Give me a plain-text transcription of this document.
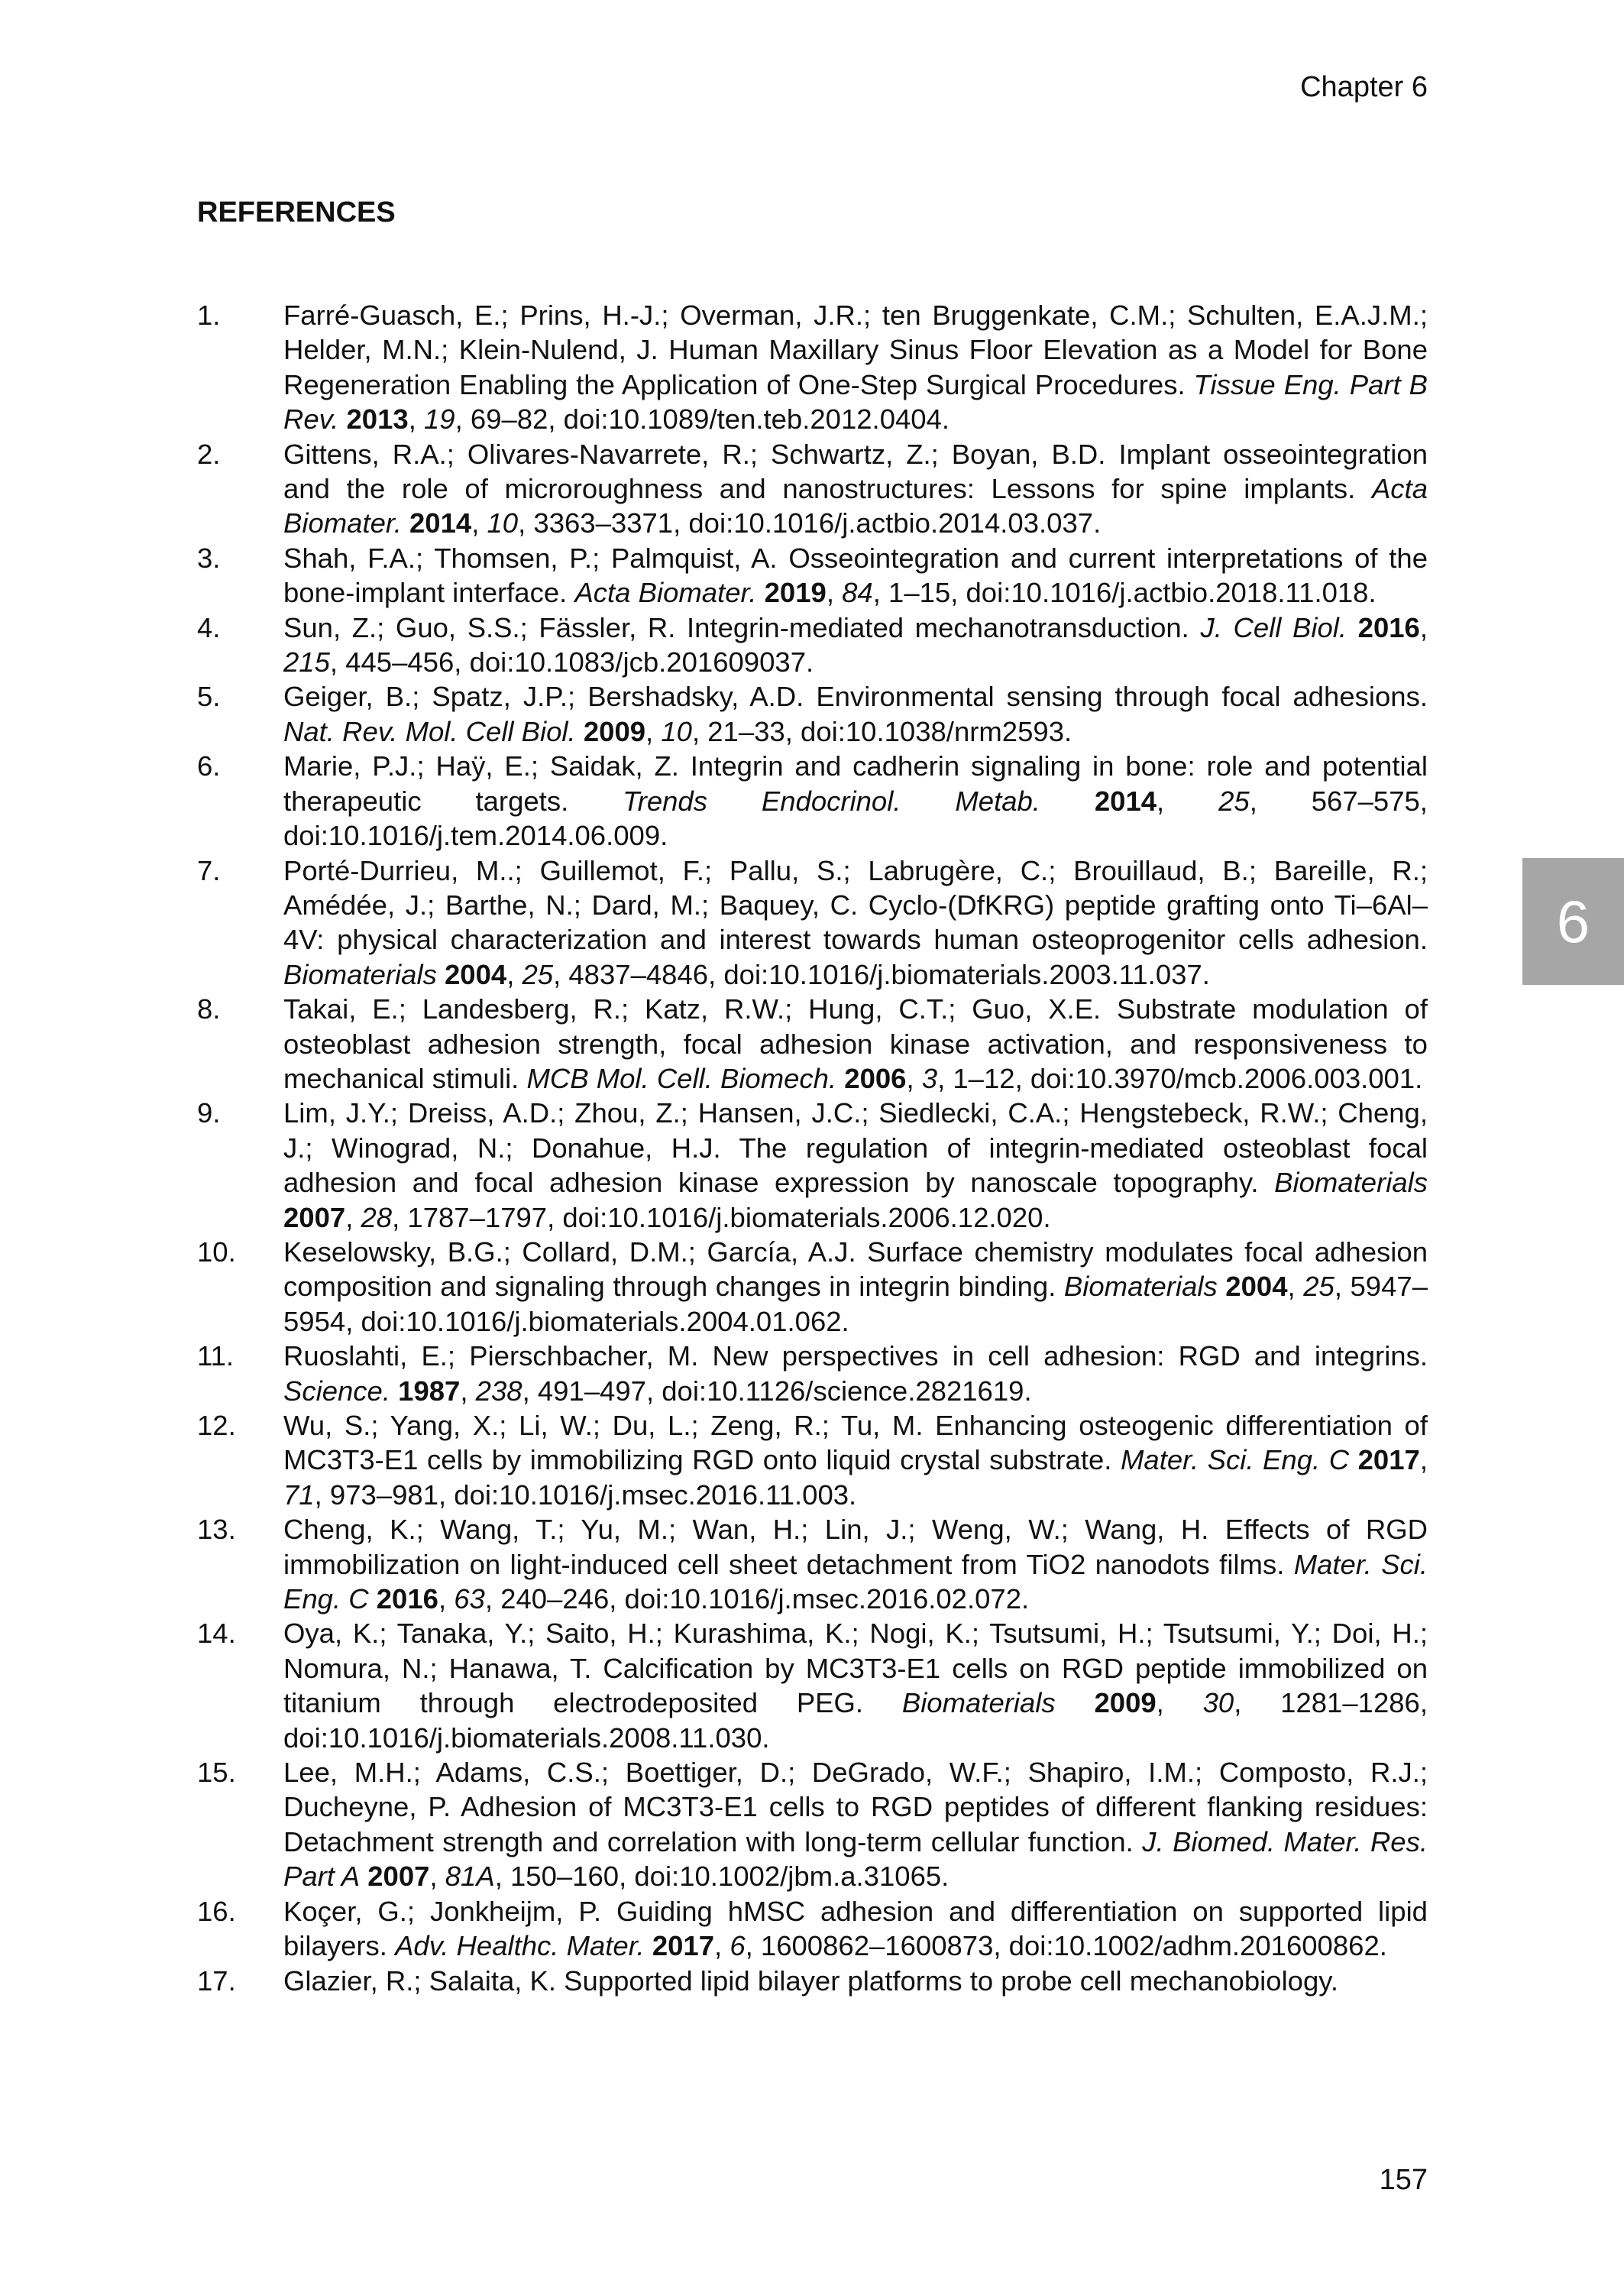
Chapter 6
REFERENCES
1. Farré-Guasch, E.; Prins, H.-J.; Overman, J.R.; ten Bruggenkate, C.M.; Schulten, E.A.J.M.; Helder, M.N.; Klein-Nulend, J. Human Maxillary Sinus Floor Elevation as a Model for Bone Regeneration Enabling the Application of One-Step Surgical Procedures. Tissue Eng. Part B Rev. 2013, 19, 69–82, doi:10.1089/ten.teb.2012.0404.
2. Gittens, R.A.; Olivares-Navarrete, R.; Schwartz, Z.; Boyan, B.D. Implant osseointegration and the role of microroughness and nanostructures: Lessons for spine implants. Acta Biomater. 2014, 10, 3363–3371, doi:10.1016/j.actbio.2014.03.037.
3. Shah, F.A.; Thomsen, P.; Palmquist, A. Osseointegration and current interpretations of the bone-implant interface. Acta Biomater. 2019, 84, 1–15, doi:10.1016/j.actbio.2018.11.018.
4. Sun, Z.; Guo, S.S.; Fässler, R. Integrin-mediated mechanotransduction. J. Cell Biol. 2016, 215, 445–456, doi:10.1083/jcb.201609037.
5. Geiger, B.; Spatz, J.P.; Bershadsky, A.D. Environmental sensing through focal adhesions. Nat. Rev. Mol. Cell Biol. 2009, 10, 21–33, doi:10.1038/nrm2593.
6. Marie, P.J.; Haÿ, E.; Saidak, Z. Integrin and cadherin signaling in bone: role and potential therapeutic targets. Trends Endocrinol. Metab. 2014, 25, 567–575, doi:10.1016/j.tem.2014.06.009.
7. Porté-Durrieu, M..; Guillemot, F.; Pallu, S.; Labrugère, C.; Brouillaud, B.; Bareille, R.; Amédée, J.; Barthe, N.; Dard, M.; Baquey, C. Cyclo-(DfKRG) peptide grafting onto Ti–6Al–4V: physical characterization and interest towards human osteoprogenitor cells adhesion. Biomaterials 2004, 25, 4837–4846, doi:10.1016/j.biomaterials.2003.11.037.
8. Takai, E.; Landesberg, R.; Katz, R.W.; Hung, C.T.; Guo, X.E. Substrate modulation of osteoblast adhesion strength, focal adhesion kinase activation, and responsiveness to mechanical stimuli. MCB Mol. Cell. Biomech. 2006, 3, 1–12, doi:10.3970/mcb.2006.003.001.
9. Lim, J.Y.; Dreiss, A.D.; Zhou, Z.; Hansen, J.C.; Siedlecki, C.A.; Hengstebeck, R.W.; Cheng, J.; Winograd, N.; Donahue, H.J. The regulation of integrin-mediated osteoblast focal adhesion and focal adhesion kinase expression by nanoscale topography. Biomaterials 2007, 28, 1787–1797, doi:10.1016/j.biomaterials.2006.12.020.
10. Keselowsky, B.G.; Collard, D.M.; García, A.J. Surface chemistry modulates focal adhesion composition and signaling through changes in integrin binding. Biomaterials 2004, 25, 5947–5954, doi:10.1016/j.biomaterials.2004.01.062.
11. Ruoslahti, E.; Pierschbacher, M. New perspectives in cell adhesion: RGD and integrins. Science. 1987, 238, 491–497, doi:10.1126/science.2821619.
12. Wu, S.; Yang, X.; Li, W.; Du, L.; Zeng, R.; Tu, M. Enhancing osteogenic differentiation of MC3T3-E1 cells by immobilizing RGD onto liquid crystal substrate. Mater. Sci. Eng. C 2017, 71, 973–981, doi:10.1016/j.msec.2016.11.003.
13. Cheng, K.; Wang, T.; Yu, M.; Wan, H.; Lin, J.; Weng, W.; Wang, H. Effects of RGD immobilization on light-induced cell sheet detachment from TiO2 nanodots films. Mater. Sci. Eng. C 2016, 63, 240–246, doi:10.1016/j.msec.2016.02.072.
14. Oya, K.; Tanaka, Y.; Saito, H.; Kurashima, K.; Nogi, K.; Tsutsumi, H.; Tsutsumi, Y.; Doi, H.; Nomura, N.; Hanawa, T. Calcification by MC3T3-E1 cells on RGD peptide immobilized on titanium through electrodeposited PEG. Biomaterials 2009, 30, 1281–1286, doi:10.1016/j.biomaterials.2008.11.030.
15. Lee, M.H.; Adams, C.S.; Boettiger, D.; DeGrado, W.F.; Shapiro, I.M.; Composto, R.J.; Ducheyne, P. Adhesion of MC3T3-E1 cells to RGD peptides of different flanking residues: Detachment strength and correlation with long-term cellular function. J. Biomed. Mater. Res. Part A 2007, 81A, 150–160, doi:10.1002/jbm.a.31065.
16. Koçer, G.; Jonkheijm, P. Guiding hMSC adhesion and differentiation on supported lipid bilayers. Adv. Healthc. Mater. 2017, 6, 1600862–1600873, doi:10.1002/adhm.201600862.
17. Glazier, R.; Salaita, K. Supported lipid bilayer platforms to probe cell mechanobiology.
6
157
